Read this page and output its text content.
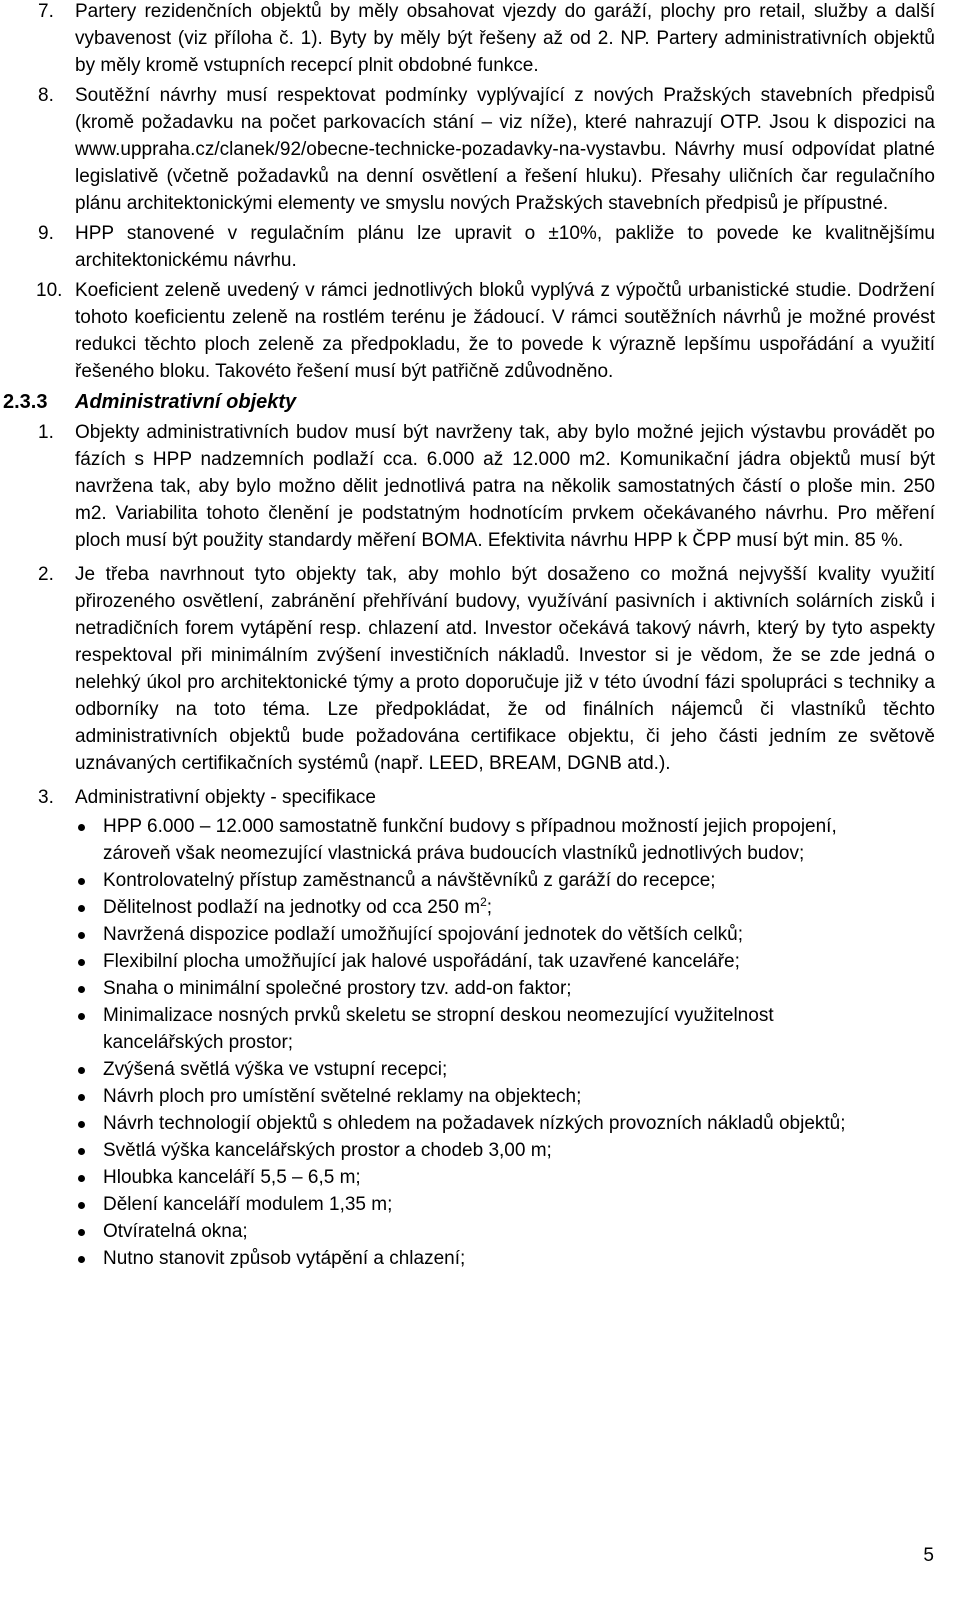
7. Partery rezidenčních objektů by měly obsahovat vjezdy do garáží, plochy pro retail, služby a další vybavenost (viz příloha č. 1). Byty by měly být řešeny až od 2. NP. Partery administrativních objektů by měly kromě vstupních recepcí plnit obdobné funkce.
8. Soutěžní návrhy musí respektovat podmínky vyplývající z nových Pražských stavebních předpisů (kromě požadavku na počet parkovacích stání – viz níže), které nahrazují OTP. Jsou k dispozici na www.uppraha.cz/clanek/92/obecne-technicke-pozadavky-na-vystavbu. Návrhy musí odpovídat platné legislativě (včetně požadavků na denní osvětlení a řešení hluku). Přesahy uličních čar regulačního plánu architektonickými elementy ve smyslu nových Pražských stavebních předpisů je přípustné.
9. HPP stanovené v regulačním plánu lze upravit o ±10%, pakliže to povede ke kvalitnějšímu architektonickému návrhu.
10. Koeficient zeleně uvedený v rámci jednotlivých bloků vyplývá z výpočtů urbanistické studie. Dodržení tohoto koeficientu zeleně na rostlém terénu je žádoucí. V rámci soutěžních návrhů je možné provést redukci těchto ploch zeleně za předpokladu, že to povede k výrazně lepšímu uspořádání a využití řešeného bloku. Takovéto řešení musí být patřičně zdůvodněno.
2.3.3 Administrativní objekty
1. Objekty administrativních budov musí být navrženy tak, aby bylo možné jejich výstavbu provádět po fázích s HPP nadzemních podlaží cca. 6.000 až 12.000 m2. Komunikační jádra objektů musí být navržena tak, aby bylo možno dělit jednotlivá patra na několik samostatných částí o ploše min. 250 m2. Variabilita tohoto členění je podstatným hodnotícím prvkem očekávaného návrhu. Pro měření ploch musí být použity standardy měření BOMA. Efektivita návrhu HPP k ČPP musí být min. 85 %.
2. Je třeba navrhnout tyto objekty tak, aby mohlo být dosaženo co možná nejvyšší kvality využití přirozeného osvětlení, zabránění přehřívání budovy, využívání pasivních i aktivních solárních zisků i netradičních forem vytápění resp. chlazení atd. Investor očekává takový návrh, který by tyto aspekty respektoval při minimálním zvýšení investičních nákladů. Investor si je vědom, že se zde jedná o nelehký úkol pro architektonické týmy a proto doporučuje již v této úvodní fázi spolupráci s techniky a odborníky na toto téma. Lze předpokládat, že od finálních nájemců či vlastníků těchto administrativních objektů bude požadována certifikace objektu, či jeho části jedním ze světově uznávaných certifikačních systémů (např. LEED, BREAM, DGNB atd.).
3. Administrativní objekty - specifikace
HPP 6.000 – 12.000 samostatně funkční budovy s případnou možností jejich propojení, zároveň však neomezující vlastnická práva budoucích vlastníků jednotlivých budov;
Kontrolovatelný přístup zaměstnanců a návštěvníků z garáží do recepce;
Dělitelnost podlaží na jednotky od cca 250 $m^2$;
Navržená dispozice podlaží umožňující spojování jednotek do větších celků;
Flexibilní plocha umožňující jak halové uspořádání, tak uzavřené kanceláře;
Snaha o minimální společné prostory tzv. add-on faktor;
Minimalizace nosných prvků skeletu se stropní deskou neomezující využitelnost kancelářských prostor;
Zvýšená světlá výška ve vstupní recepci;
Návrh ploch pro umístění světelné reklamy na objektech;
Návrh technologií objektů s ohledem na požadavek nízkých provozních nákladů objektů;
Světlá výška kancelářských prostor a chodeb 3,00 m;
Hloubka kanceláří 5,5 – 6,5 m;
Dělení kanceláří modulem 1,35 m;
Otvíratelná okna;
Nutno stanovit způsob vytápění a chlazení;
5
